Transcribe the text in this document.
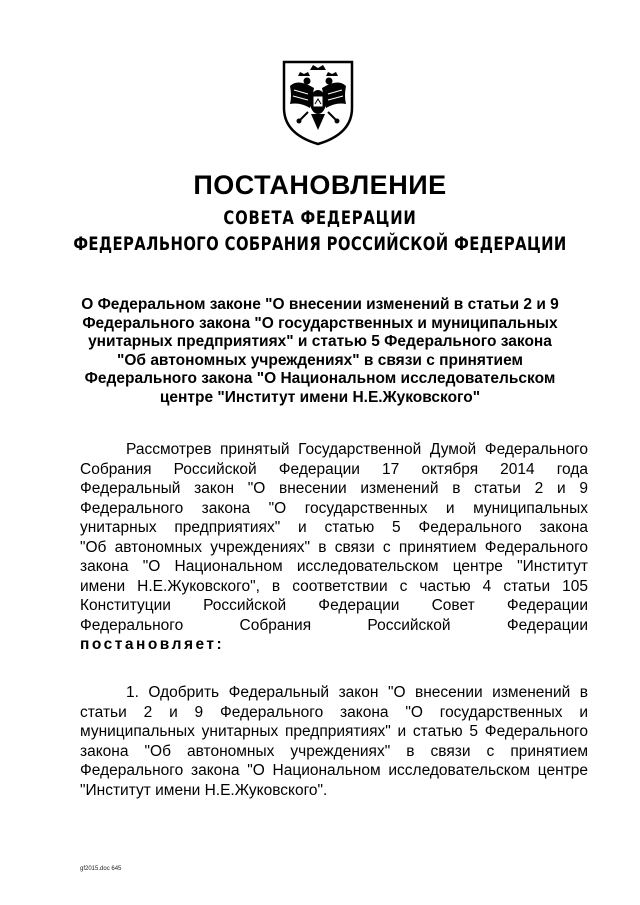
ПОСТАНОВЛЕНИЕ
СОВЕТА ФЕДЕРАЦИИ
ФЕДЕРАЛЬНОГО СОБРАНИЯ РОССИЙСКОЙ ФЕДЕРАЦИИ
О Федеральном законе "О внесении изменений в статьи 2 и 9
Федерального закона "О государственных и муниципальных
унитарных предприятиях" и статью 5 Федерального закона
"Об автономных учреждениях" в связи с принятием
Федерального закона "О Национальном исследовательском
центре "Институт имени Н.Е.Жуковского"
Рассмотрев принятый Государственной Думой Федерального
Собрания Российской Федерации 17 октября 2014 года
Федеральный закон "О внесении изменений в статьи 2 и 9
Федерального закона "О государственных и муниципальных
унитарных предприятиях" и статью 5 Федерального закона
"Об автономных учреждениях" в связи с принятием Федерального
закона "О Национальном исследовательском центре "Институт
имени Н.Е.Жуковского", в соответствии с частью 4 статьи 105
Конституции Российской Федерации Совет Федерации
Федерального Собрания Российской Федерации
постановляет:
1. Одобрить Федеральный закон "О внесении изменений в
статьи 2 и 9 Федерального закона "О государственных и
муниципальных унитарных предприятиях" и статью 5 Федерального
закона "Об автономных учреждениях" в связи с принятием
Федерального закона "О Национальном исследовательском центре
"Институт имени Н.Е.Жуковского".
gf2015.doc 645
